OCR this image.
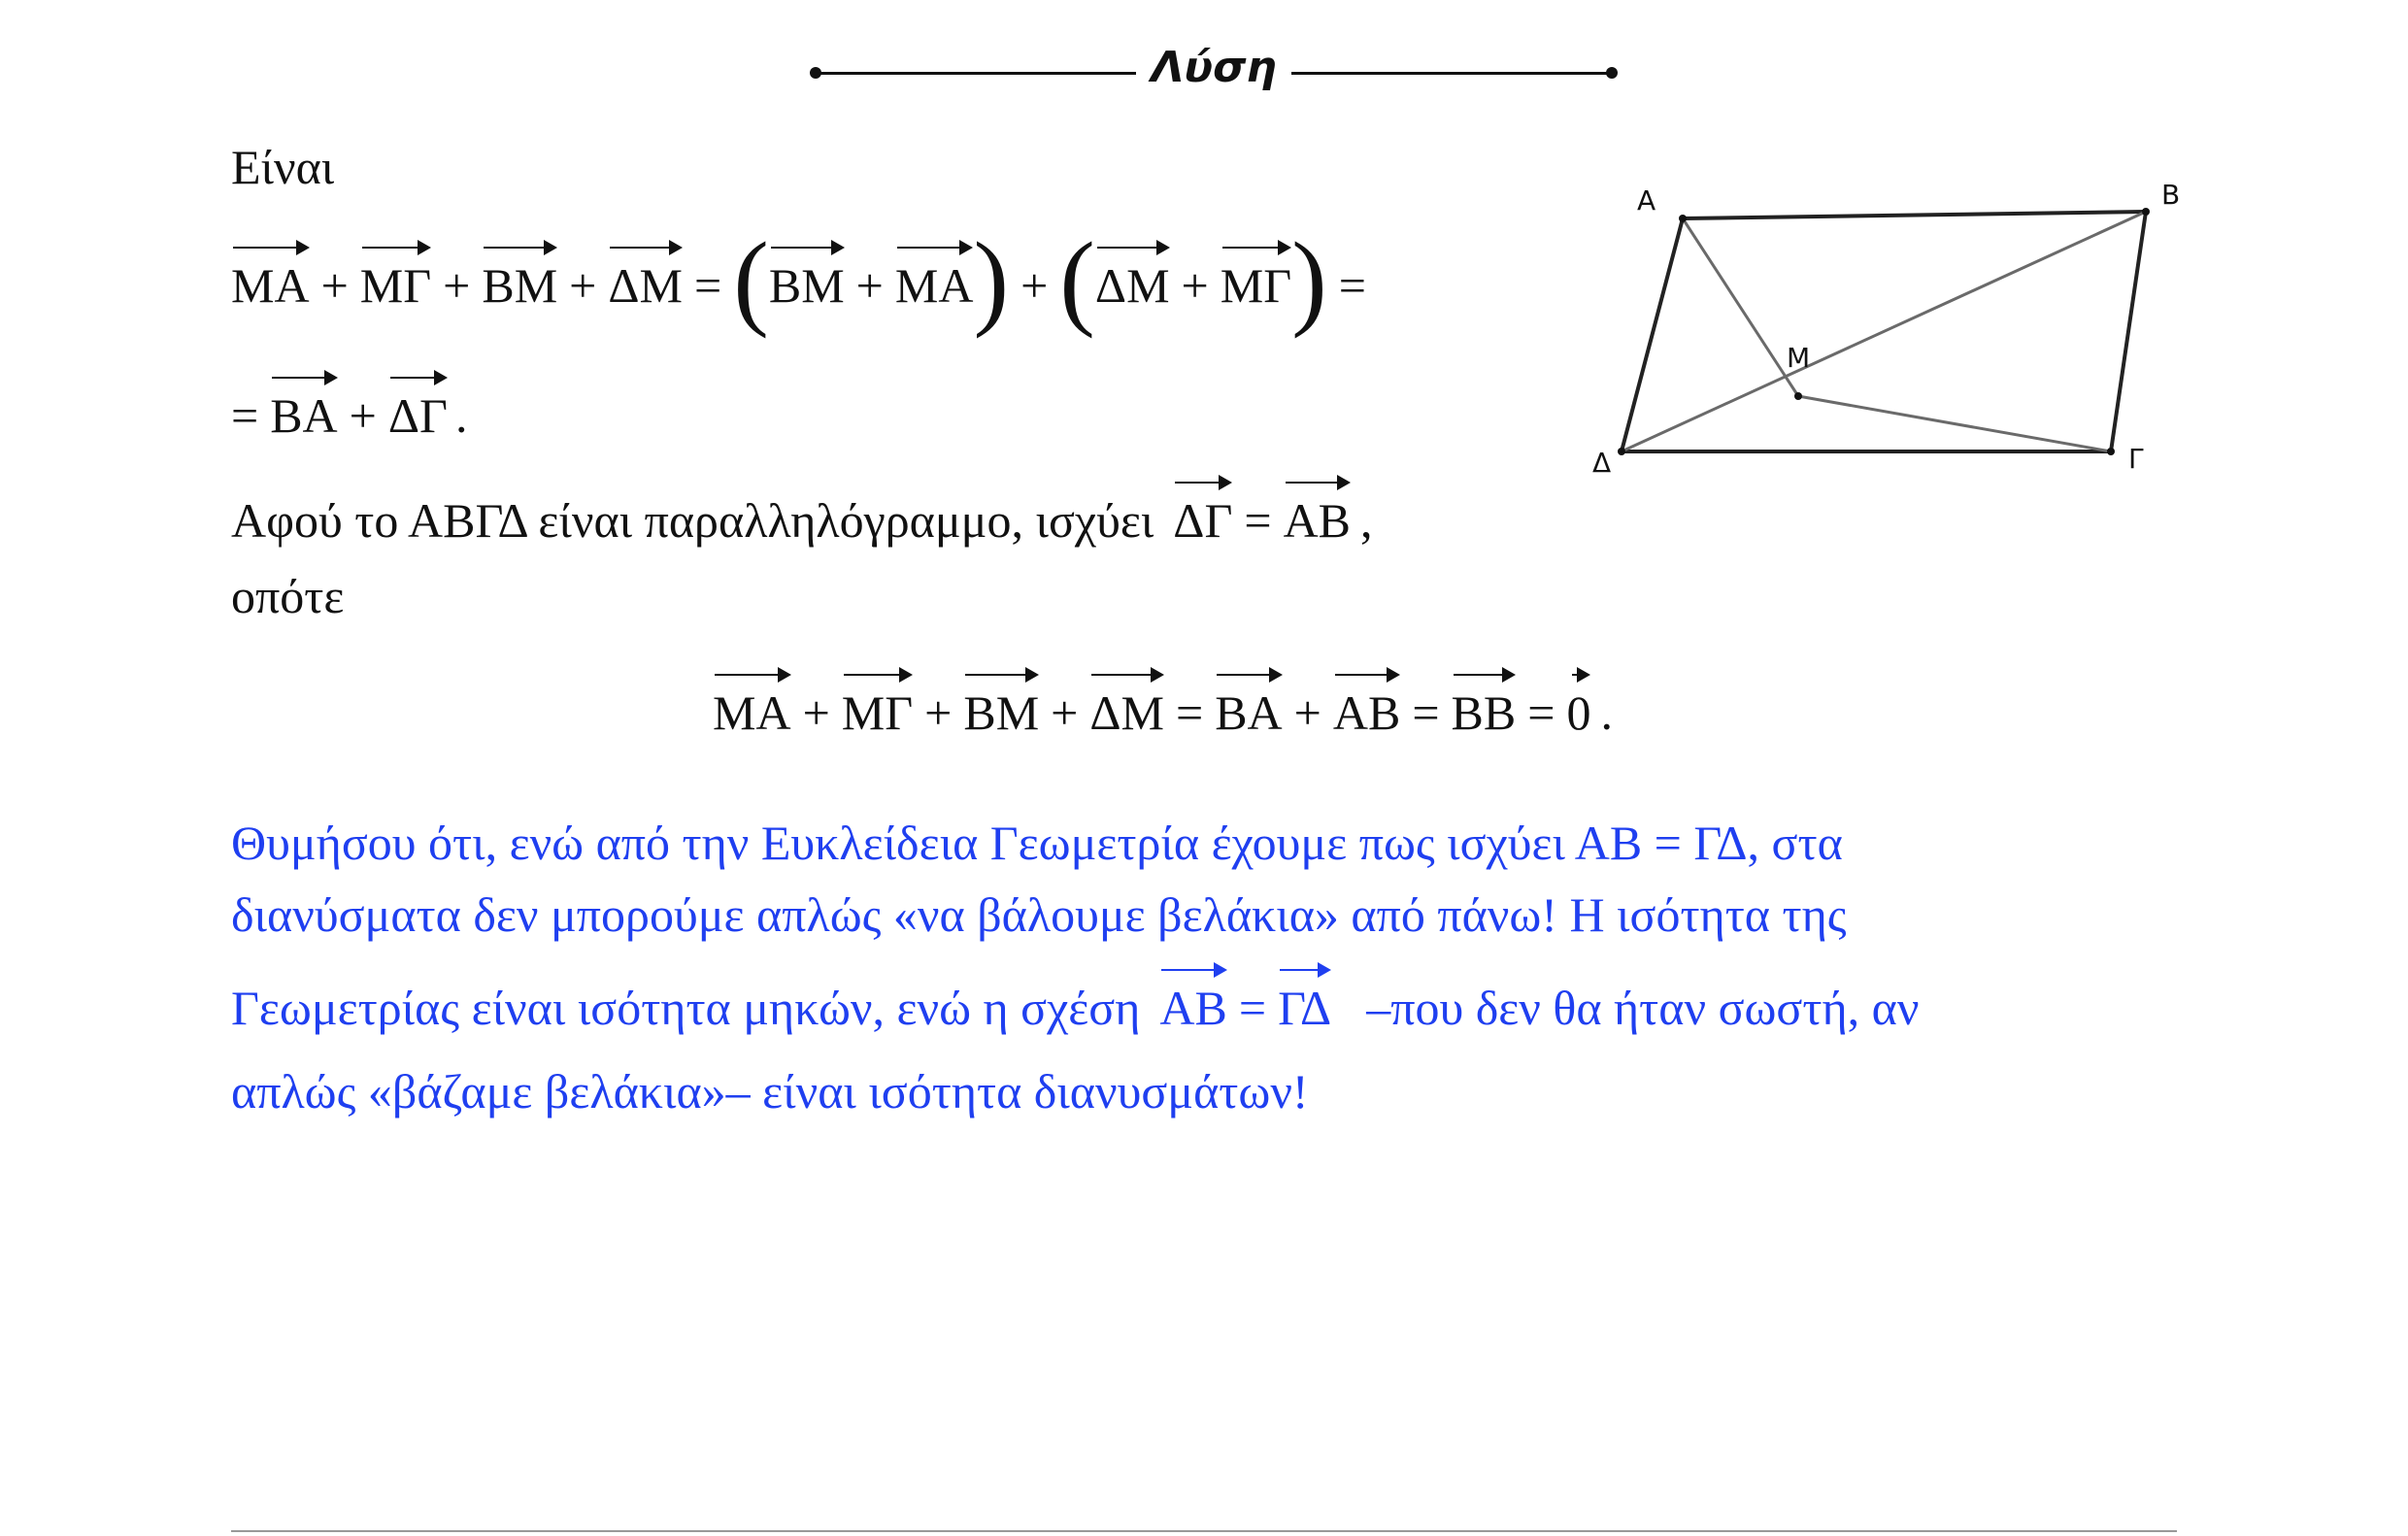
Λύση
Είναι
ΜΑ + ΜΓ + ΒΜ + ΔΜ = (ΒΜ + ΜΑ) + (ΔΜ + ΜΓ) =
= ΒΑ + ΔΓ .
Αφού το ΑΒΓΔ είναι παραλληλόγραμμο, ισχύει ΔΓ = ΑΒ ,
οπότε
ΜΑ + ΜΓ + ΒΜ + ΔΜ = ΒΑ + ΑΒ = ΒΒ = 0 .
Θυμήσου ότι, ενώ από την Ευκλείδεια Γεωμετρία έχουμε πως ισχύει ΑΒ = ΓΔ, στα
διανύσματα δεν μπορούμε απλώς «να βάλουμε βελάκια» από πάνω! Η ισότητα της
Γεωμετρίας είναι ισότητα μηκών, ενώ η σχέση ΑΒ = ΓΔ –που δεν θα ήταν σωστή, αν
απλώς «βάζαμε βελάκια»– είναι ισότητα διανυσμάτων!
Α	Β
Γ
Δ
Μ
